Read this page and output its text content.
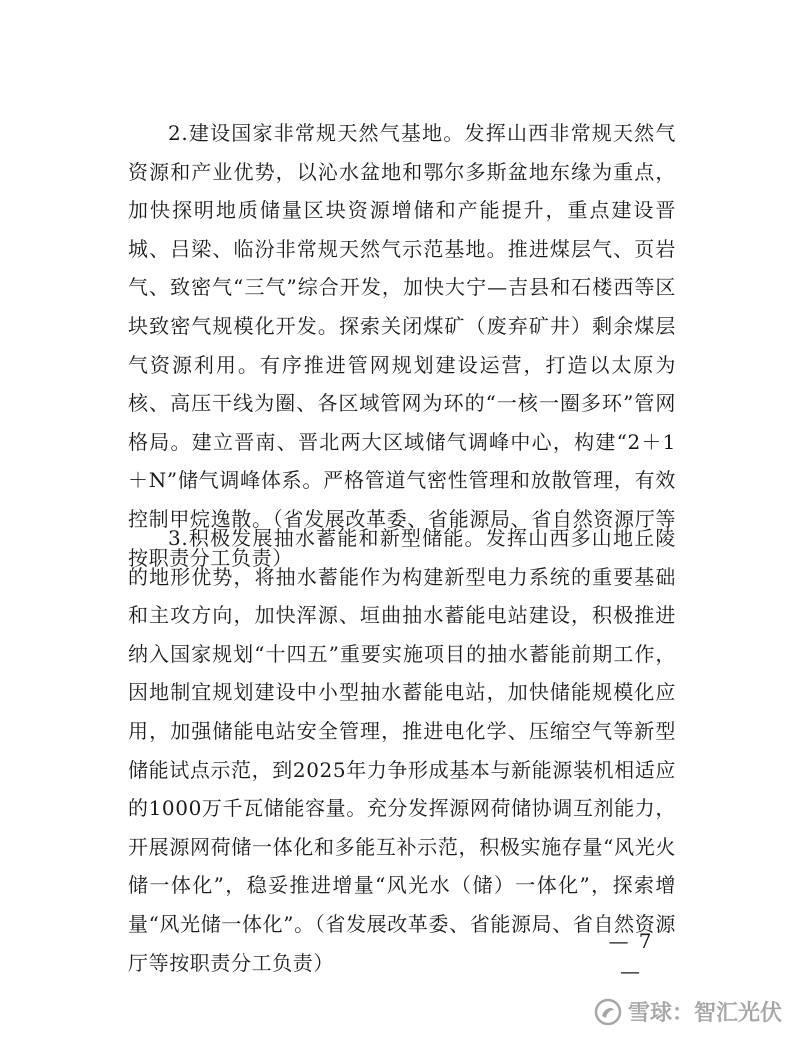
2.建设国家非常规天然气基地。发挥山西非常规天然气资源和产业优势，以沁水盆地和鄂尔多斯盆地东缘为重点，加快探明地质储量区块资源增储和产能提升，重点建设晋城、吕梁、临汾非常规天然气示范基地。推进煤层气、页岩气、致密气“三气”综合开发，加快大宁—吉县和石楼西等区块致密气规模化开发。探索关闭煤矿（废弃矿井）剩余煤层气资源利用。有序推进管网规划建设运营，打造以太原为核、高压干线为圈、各区域管网为环的“一核一圈多环”管网格局。建立晋南、晋北两大区域储气调峰中心，构建“2＋1＋N”储气调峰体系。严格管道气密性管理和放散管理，有效控制甲烷逸散。（省发展改革委、省能源局、省自然资源厅等按职责分工负责）

3.积极发展抽水蓄能和新型储能。发挥山西多山地丘陵的地形优势，将抽水蓄能作为构建新型电力系统的重要基础和主攻方向，加快浑源、垣曲抽水蓄能电站建设，积极推进纳入国家规划“十四五”重要实施项目的抽水蓄能前期工作，因地制宜规划建设中小型抽水蓄能电站，加快储能规模化应用，加强储能电站安全管理，推进电化学、压缩空气等新型储能试点示范，到2025年力争形成基本与新能源装机相适应的1000万千瓦储能容量。充分发挥源网荷储协调互剂能力，开展源网荷储一体化和多能互补示范，积极实施存量“风光火储一体化”，稳妥推进增量“风光水（储）一体化”，探索增量“风光储一体化”。（省发展改革委、省能源局、省自然资源厅等按职责分工负责）

— 7 —
雪球：智汇光伏
